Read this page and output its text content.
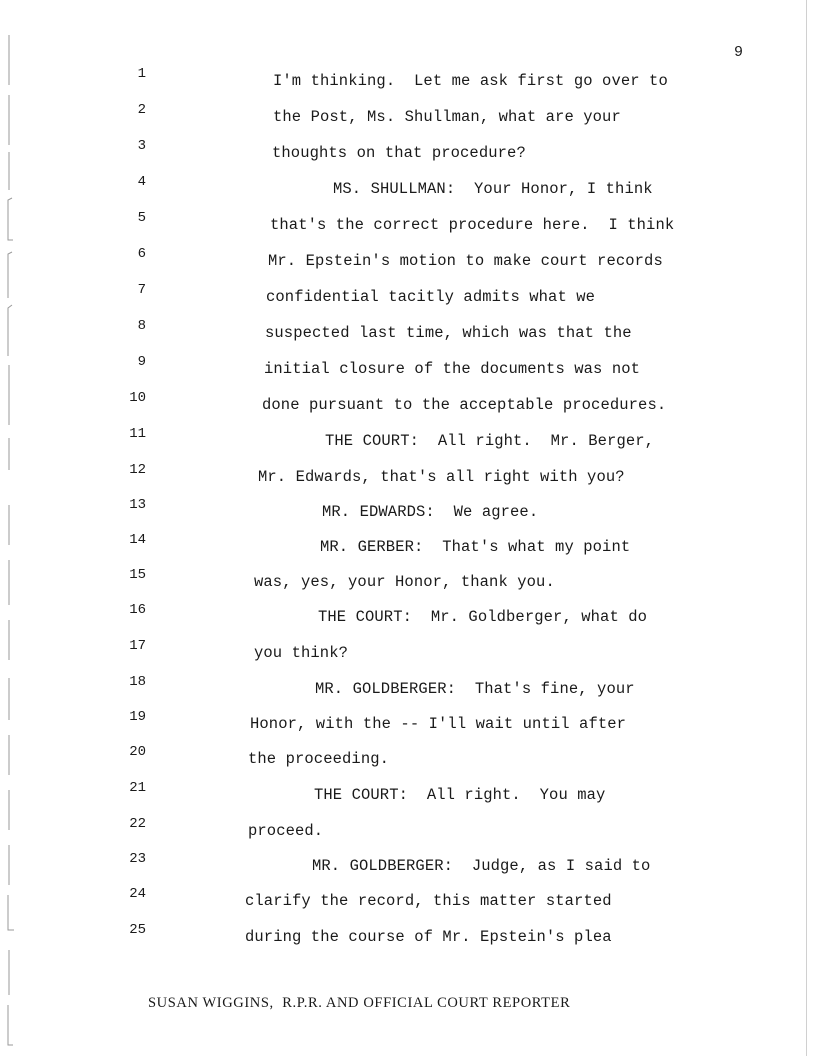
9
1	I'm thinking.  Let me ask first go over to
2	the Post, Ms. Shullman, what are your
3	thoughts on that procedure?
4	MS. SHULLMAN:  Your Honor, I think
5	that's the correct procedure here.  I think
6	Mr. Epstein's motion to make court records
7	confidential tacitly admits what we
8	suspected last time, which was that the
9	initial closure of the documents was not
10	done pursuant to the acceptable procedures.
11	THE COURT:  All right.  Mr. Berger,
12	Mr. Edwards, that's all right with you?
13	MR. EDWARDS:  We agree.
14	MR. GERBER:  That's what my point
15	was, yes, your Honor, thank you.
16	THE COURT:  Mr. Goldberger, what do
17	you think?
18	MR. GOLDBERGER:  That's fine, your
19	Honor, with the -- I'll wait until after
20	the proceeding.
21	THE COURT:  All right.  You may
22	proceed.
23	MR. GOLDBERGER:  Judge, as I said to
24	clarify the record, this matter started
25	during the course of Mr. Epstein's plea
SUSAN WIGGINS,  R.P.R. AND OFFICIAL COURT REPORTER
